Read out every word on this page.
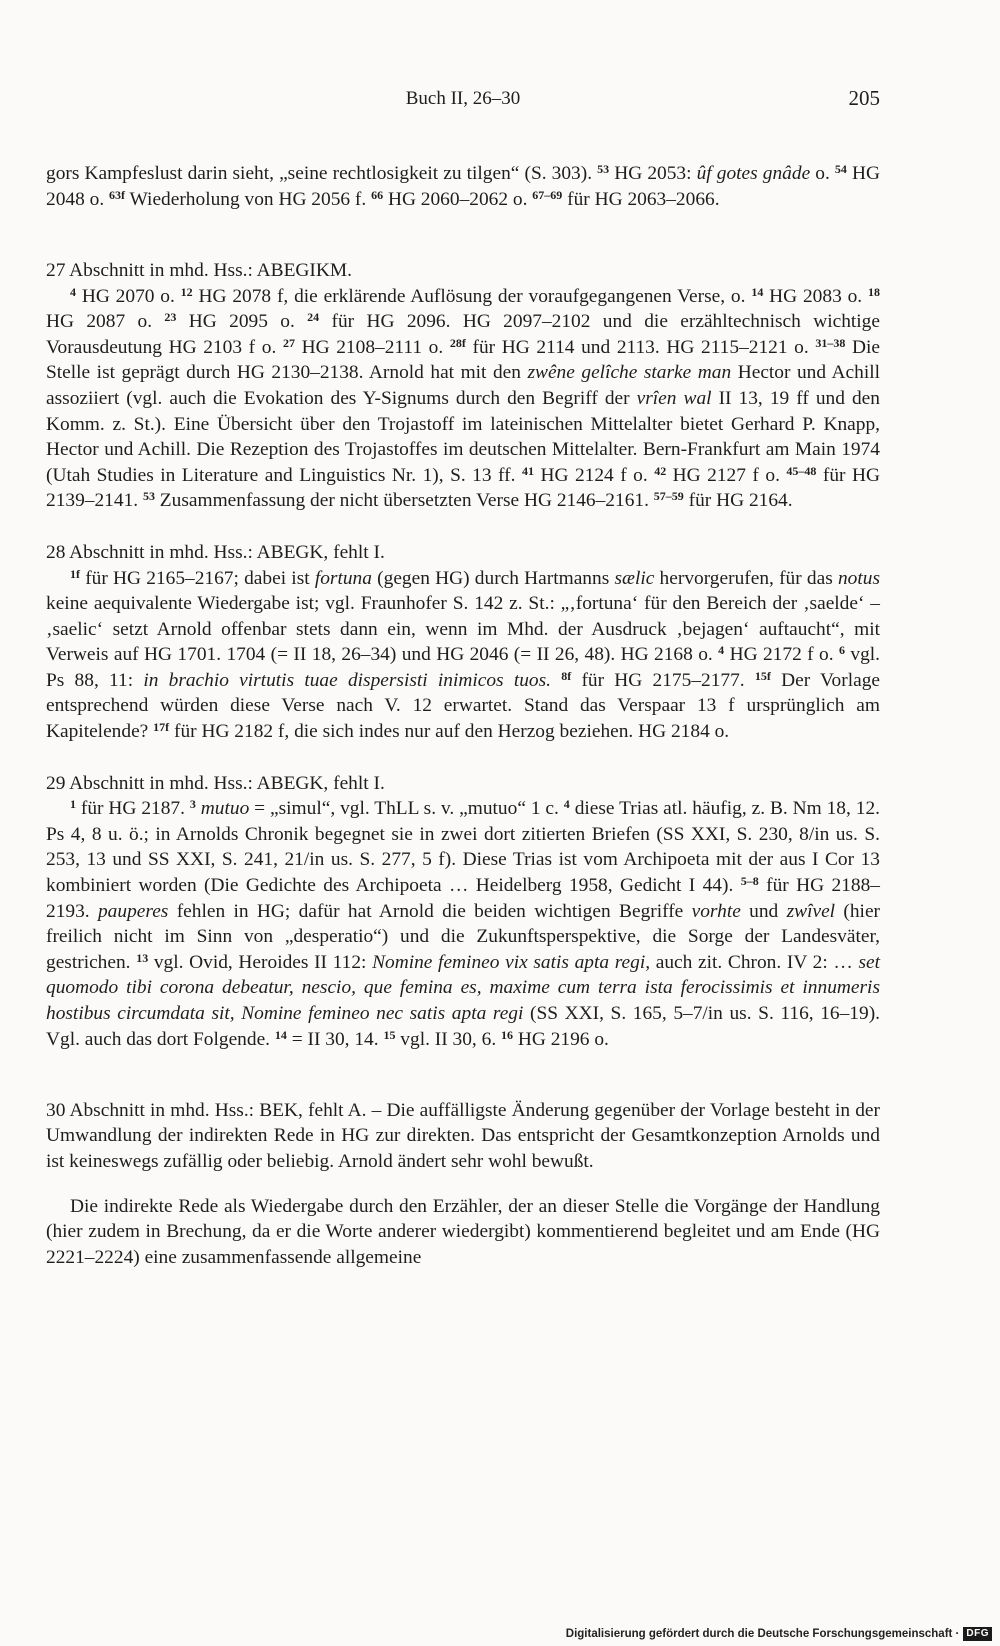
Buch II, 26–30	205

gors Kampfeslust darin sieht, „seine rechtlosigkeit zu tilgen“ (S. 303). $^{53}$ HG 2053: ûf gotes gnâde o. $^{54}$ HG 2048 o. $^{63f}$ Wiederholung von HG 2056 f. $^{66}$ HG 2060–2062 o. $^{67-69}$ für HG 2063–2066.

27 Abschnitt in mhd. Hss.: ABEGIKM.

$^4$ HG 2070 o. $^{12}$ HG 2078 f, die erklärende Auflösung der voraufgegangenen Verse, o. $^{14}$ HG 2083 o. $^{18}$ HG 2087 o. $^{23}$ HG 2095 o. $^{24}$ für HG 2096. HG 2097–2102 und die erzähltechnisch wichtige Vorausdeutung HG 2103 f o. $^{27}$ HG 2108–2111 o. $^{28f}$ für HG 2114 und 2113. HG 2115–2121 o. $^{31-38}$ Die Stelle ist geprägt durch HG 2130–2138. Arnold hat mit den zwêne gelîche starke man Hector und Achill assoziiert (vgl. auch die Evokation des Y-Signums durch den Begriff der vrîen wal II 13, 19 ff und den Komm. z. St.). Eine Übersicht über den Trojastoff im lateinischen Mittelalter bietet Gerhard P. Knapp, Hector und Achill. Die Rezeption des Trojastoffes im deutschen Mittelalter. Bern-Frankfurt am Main 1974 (Utah Studies in Literature and Linguistics Nr. 1), S. 13 ff. $^{41}$ HG 2124 f o. $^{42}$ HG 2127 f o. $^{45-48}$ für HG 2139–2141. $^{53}$ Zusammenfassung der nicht übersetzten Verse HG 2146–2161. $^{57-59}$ für HG 2164.

28 Abschnitt in mhd. Hss.: ABEGK, fehlt I.

$^{1f}$ für HG 2165–2167; dabei ist fortuna (gegen HG) durch Hartmanns sælic hervorgerufen, für das notus keine aequivalente Wiedergabe ist; vgl. Fraunhofer S. 142 z. St.: „‚fortuna‘ für den Bereich der ‚saelde‘ – ‚saelic‘ setzt Arnold offenbar stets dann ein, wenn im Mhd. der Ausdruck ‚bejagen‘ auftaucht“, mit Verweis auf HG 1701. 1704 (= II 18, 26–34) und HG 2046 (= II 26, 48). HG 2168 o. $^4$ HG 2172 f o. $^6$ vgl. Ps 88, 11: in brachio virtutis tuae dispersisti inimicos tuos. $^{8f}$ für HG 2175–2177. $^{15f}$ Der Vorlage entsprechend würden diese Verse nach V. 12 erwartet. Stand das Verspaar 13 f ursprünglich am Kapitelende? $^{17f}$ für HG 2182 f, die sich indes nur auf den Herzog beziehen. HG 2184 o.

29 Abschnitt in mhd. Hss.: ABEGK, fehlt I.

$^1$ für HG 2187. $^3$ mutuo = „simul“, vgl. ThLL s. v. „mutuo“ 1 c. $^4$ diese Trias atl. häufig, z. B. Nm 18, 12. Ps 4, 8 u. ö.; in Arnolds Chronik begegnet sie in zwei dort zitierten Briefen (SS XXI, S. 230, 8/in us. S. 253, 13 und SS XXI, S. 241, 21/in us. S. 277, 5 f). Diese Trias ist vom Archipoeta mit der aus I Cor 13 kombiniert worden (Die Gedichte des Archipoeta … Heidelberg 1958, Gedicht I 44). $^{5-8}$ für HG 2188–2193. pauperes fehlen in HG; dafür hat Arnold die beiden wichtigen Begriffe vorhte und zwîvel (hier freilich nicht im Sinn von „desperatio“) und die Zukunftsperspektive, die Sorge der Landesväter, gestrichen. $^{13}$ vgl. Ovid, Heroides II 112: Nomine femineo vix satis apta regi, auch zit. Chron. IV 2: … set quomodo tibi corona debeatur, nescio, que femina es, maxime cum terra ista ferocissimis et innumeris hostibus circumdata sit, Nomine femineo nec satis apta regi (SS XXI, S. 165, 5–7/in us. S. 116, 16–19). Vgl. auch das dort Folgende. $^{14}$ = II 30, 14. $^{15}$ vgl. II 30, 6. $^{16}$ HG 2196 o.

30 Abschnitt in mhd. Hss.: BEK, fehlt A. – Die auffälligste Änderung gegenüber der Vorlage besteht in der Umwandlung der indirekten Rede in HG zur direkten. Das entspricht der Gesamtkonzeption Arnolds und ist keineswegs zufällig oder beliebig. Arnold ändert sehr wohl bewußt.

Die indirekte Rede als Wiedergabe durch den Erzähler, der an dieser Stelle die Vorgänge der Handlung (hier zudem in Brechung, da er die Worte anderer wiedergibt) kommentierend begleitet und am Ende (HG 2221–2224) eine zusammenfassende allgemeine

Digitalisierung gefördert durch die Deutsche Forschungsgemeinschaft · DFG
